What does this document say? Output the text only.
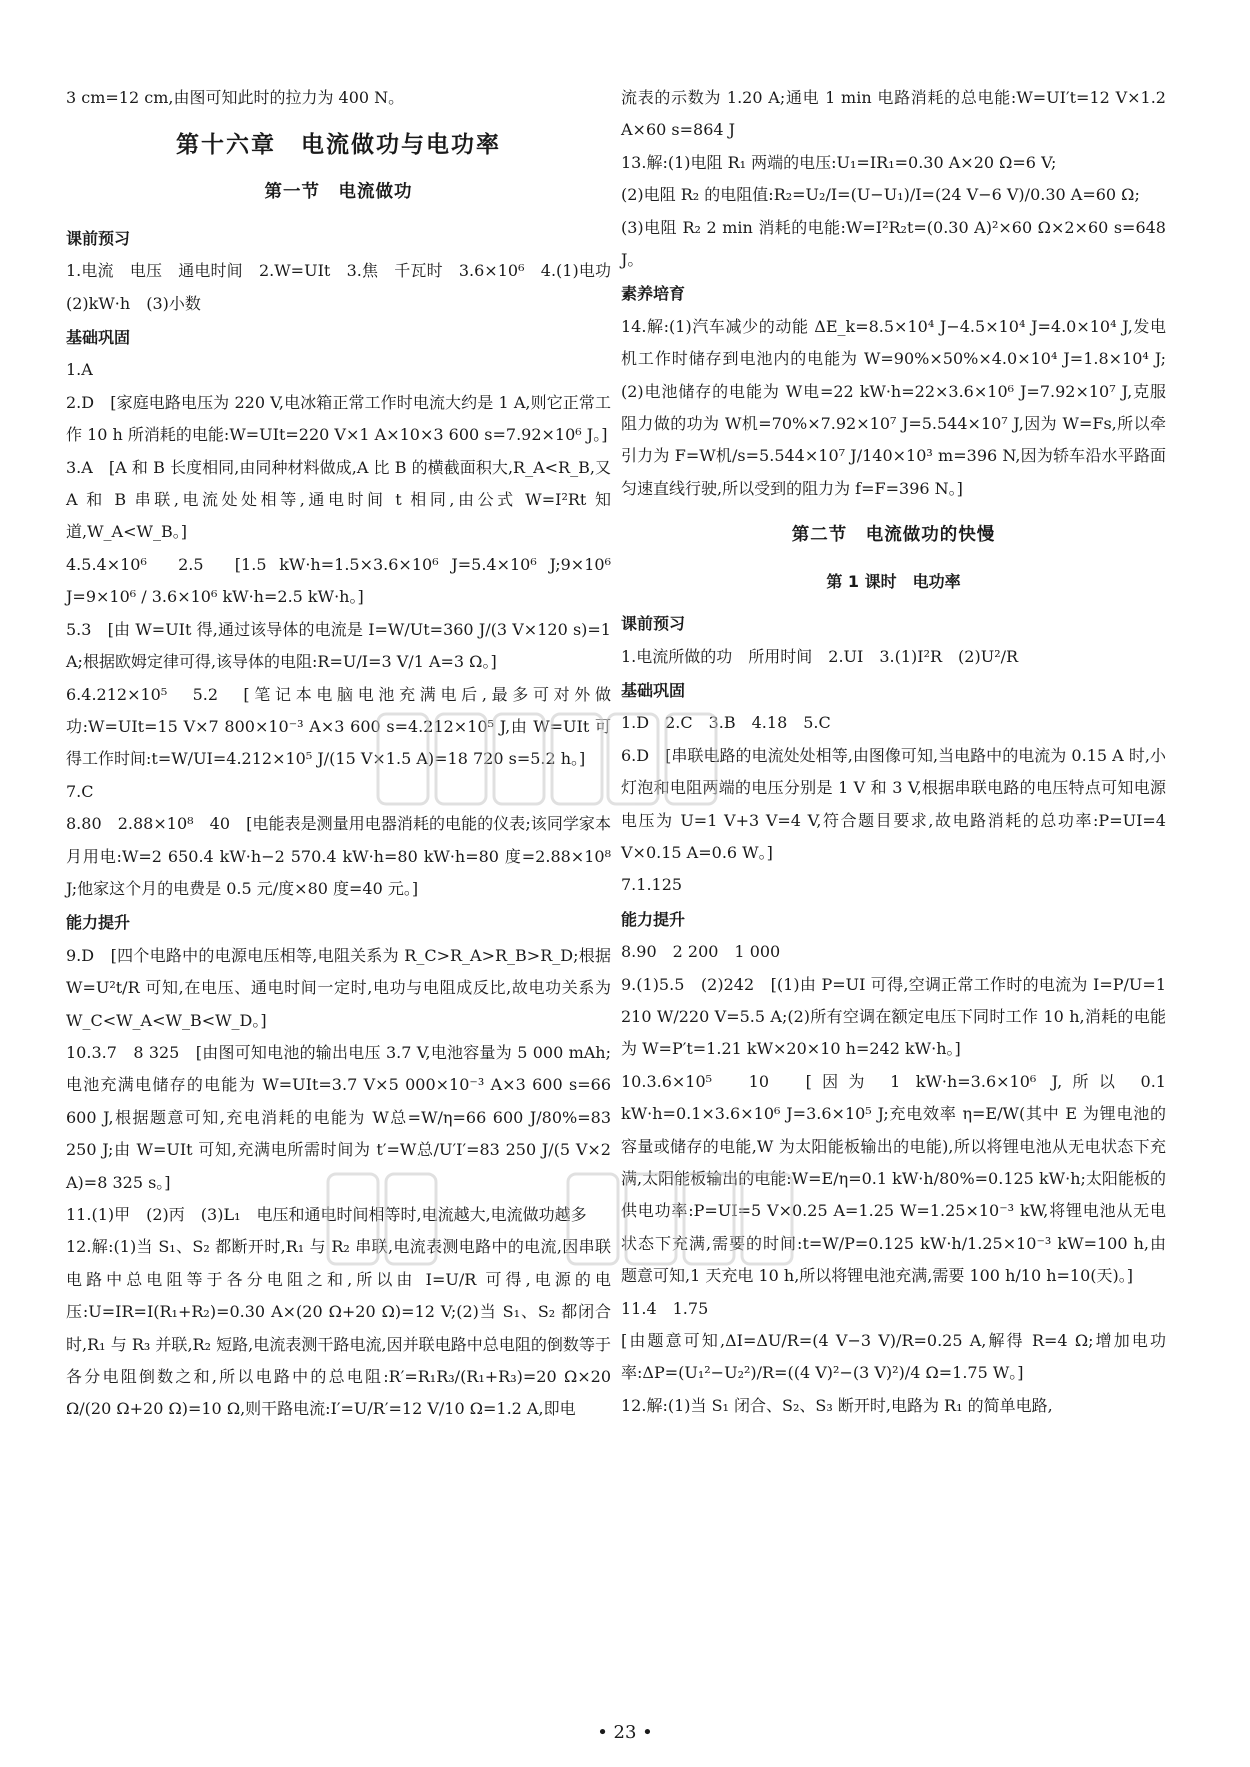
3 cm=12 cm,由图可知此时的拉力为 400 N。
第十六章　电流做功与电功率
第一节　电流做功
课前预习
1.电流　电压　通电时间　2.W=UIt　3.焦　千瓦时　3.6×10⁶　4.(1)电功　(2)kW·h　(3)小数
基础巩固
1.A
2.D　[家庭电路电压为 220 V,电冰箱正常工作时电流大约是 1 A,则它正常工作 10 h 所消耗的电能:W=UIt=220 V×1 A×10×3 600 s=7.92×10⁶ J。]
3.A　[A 和 B 长度相同,由同种材料做成,A 比 B 的横截面积大,R_A<R_B,又 A 和 B 串联,电流处处相等,通电时间 t 相同,由公式 W=I²Rt 知道,W_A<W_B。]
4.5.4×10⁶　2.5　[1.5 kW·h=1.5×3.6×10⁶ J=5.4×10⁶ J;9×10⁶ J=9×10⁶ / 3.6×10⁶ kW·h=2.5 kW·h。]
5.3　[由 W=UIt 得,通过该导体的电流是 I=W/Ut=360 J/(3 V×120 s)=1 A;根据欧姆定律可得,该导体的电阻:R=U/I=3 V/1 A=3 Ω。]
6.4.212×10⁵　5.2　[笔记本电脑电池充满电后,最多可对外做功:W=UIt=15 V×7 800×10⁻³ A×3 600 s=4.212×10⁵ J,由 W=UIt 可得工作时间:t=W/UI=4.212×10⁵ J/(15 V×1.5 A)=18 720 s=5.2 h。]
7.C
8.80　2.88×10⁸　40　[电能表是测量用电器消耗的电能的仪表;该同学家本月用电:W=2 650.4 kW·h−2 570.4 kW·h=80 kW·h=80 度=2.88×10⁸ J;他家这个月的电费是 0.5 元/度×80 度=40 元。]
能力提升
9.D　[四个电路中的电源电压相等,电阻关系为 R_C>R_A>R_B>R_D;根据 W=U²t/R 可知,在电压、通电时间一定时,电功与电阻成反比,故电功关系为 W_C<W_A<W_B<W_D。]
10.3.7　8 325　[由图可知电池的输出电压 3.7 V,电池容量为 5 000 mAh;电池充满电储存的电能为 W=UIt=3.7 V×5 000×10⁻³ A×3 600 s=66 600 J,根据题意可知,充电消耗的电能为 W总=W/η=66 600 J/80%=83 250 J;由 W=UIt 可知,充满电所需时间为 t′=W总/U′I′=83 250 J/(5 V×2 A)=8 325 s。]
11.(1)甲　(2)丙　(3)L₁　电压和通电时间相等时,电流越大,电流做功越多
12.解:(1)当 S₁、S₂ 都断开时,R₁ 与 R₂ 串联,电流表测电路中的电流,因串联电路中总电阻等于各分电阻之和,所以由 I=U/R 可得,电源的电压:U=IR=I(R₁+R₂)=0.30 A×(20 Ω+20 Ω)=12 V;(2)当 S₁、S₂ 都闭合时,R₁ 与 R₃ 并联,R₂ 短路,电流表测干路电流,因并联电路中总电阻的倒数等于各分电阻倒数之和,所以电路中的总电阻:R′=R₁R₃/(R₁+R₃)=20 Ω×20 Ω/(20 Ω+20 Ω)=10 Ω,则干路电流:I′=U/R′=12 V/10 Ω=1.2 A,即电
流表的示数为 1.20 A;通电 1 min 电路消耗的总电能:W=UI′t=12 V×1.2 A×60 s=864 J
13.解:(1)电阻 R₁ 两端的电压:U₁=IR₁=0.30 A×20 Ω=6 V;
(2)电阻 R₂ 的电阻值:R₂=U₂/I=(U−U₁)/I=(24 V−6 V)/0.30 A=60 Ω;
(3)电阻 R₂ 2 min 消耗的电能:W=I²R₂t=(0.30 A)²×60 Ω×2×60 s=648 J。
素养培育
14.解:(1)汽车减少的动能 ΔE_k=8.5×10⁴ J−4.5×10⁴ J=4.0×10⁴ J,发电机工作时储存到电池内的电能为 W=90%×50%×4.0×10⁴ J=1.8×10⁴ J;(2)电池储存的电能为 W电=22 kW·h=22×3.6×10⁶ J=7.92×10⁷ J,克服阻力做的功为 W机=70%×7.92×10⁷ J=5.544×10⁷ J,因为 W=Fs,所以牵引力为 F=W机/s=5.544×10⁷ J/140×10³ m=396 N,因为轿车沿水平路面匀速直线行驶,所以受到的阻力为 f=F=396 N。]
第二节　电流做功的快慢
第 1 课时　电功率
课前预习
1.电流所做的功　所用时间　2.UI　3.(1)I²R　(2)U²/R
基础巩固
1.D　2.C　3.B　4.18　5.C
6.D　[串联电路的电流处处相等,由图像可知,当电路中的电流为 0.15 A 时,小灯泡和电阻两端的电压分别是 1 V 和 3 V,根据串联电路的电压特点可知电源电压为 U=1 V+3 V=4 V,符合题目要求,故电路消耗的总功率:P=UI=4 V×0.15 A=0.6 W。]
7.1.125
能力提升
8.90　2 200　1 000
9.(1)5.5　(2)242　[(1)由 P=UI 可得,空调正常工作时的电流为 I=P/U=1 210 W/220 V=5.5 A;(2)所有空调在额定电压下同时工作 10 h,消耗的电能为 W=P′t=1.21 kW×20×10 h=242 kW·h。]
10.3.6×10⁵　10　[因为 1 kW·h=3.6×10⁶ J,所以 0.1 kW·h=0.1×3.6×10⁶ J=3.6×10⁵ J;充电效率 η=E/W(其中 E 为锂电池的容量或储存的电能,W 为太阳能板输出的电能),所以将锂电池从无电状态下充满,太阳能板输出的电能:W=E/η=0.1 kW·h/80%=0.125 kW·h;太阳能板的供电功率:P=UI=5 V×0.25 A=1.25 W=1.25×10⁻³ kW,将锂电池从无电状态下充满,需要的时间:t=W/P=0.125 kW·h/1.25×10⁻³ kW=100 h,由题意可知,1 天充电 10 h,所以将锂电池充满,需要 100 h/10 h=10(天)。]
11.4　1.75
[由题意可知,ΔI=ΔU/R=(4 V−3 V)/R=0.25 A,解得 R=4 Ω;增加电功率:ΔP=(U₁²−U₂²)/R=((4 V)²−(3 V)²)/4 Ω=1.75 W。]
12.解:(1)当 S₁ 闭合、S₂、S₃ 断开时,电路为 R₁ 的简单电路,
• 23 •
